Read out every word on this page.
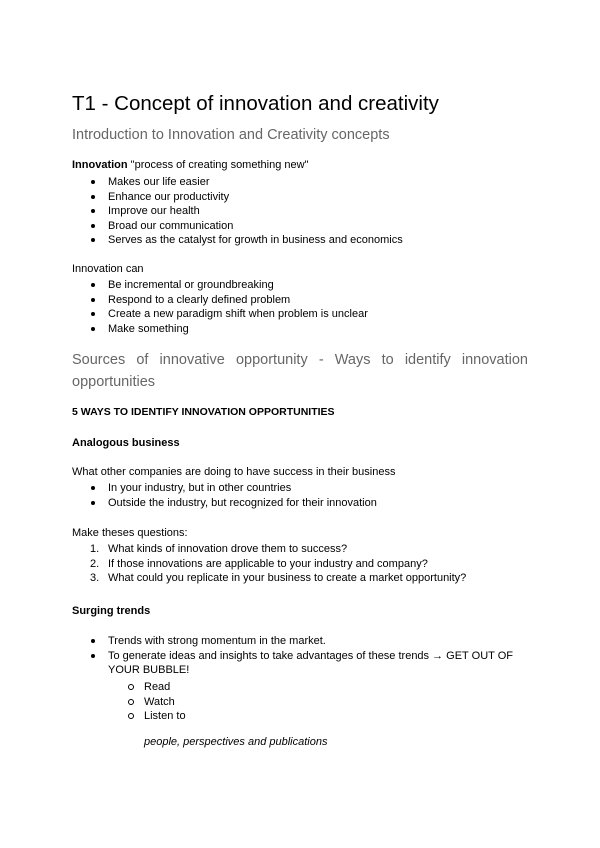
T1 - Concept of innovation and creativity
Introduction to Innovation and Creativity concepts

Innovation "process of creating something new"

Makes our life easier
Enhance our productivity
Improve our health
Broad our communication
Serves as the catalyst for growth in business and economics

Innovation can

Be incremental or groundbreaking
Respond to a clearly defined problem
Create a new paradigm shift when problem is unclear
Make something
Sources of innovative opportunity - Ways to identify innovation opportunities

5 WAYS TO IDENTIFY INNOVATION OPPORTUNITIES

Analogous business

What other companies are doing to have success in their business

In your industry, but in other countries
Outside the industry, but recognized for their innovation

Make theses questions:

1. What kinds of innovation drove them to success?
2. If those innovations are applicable to your industry and company?
3. What could you replicate in your business to create a market opportunity?

Surging trends

Trends with strong momentum in the market.
To generate ideas and insights to take advantages of these trends → GET OUT OF YOUR BUBBLE!
Read
Watch
Listen to

people, perspectives and publications
